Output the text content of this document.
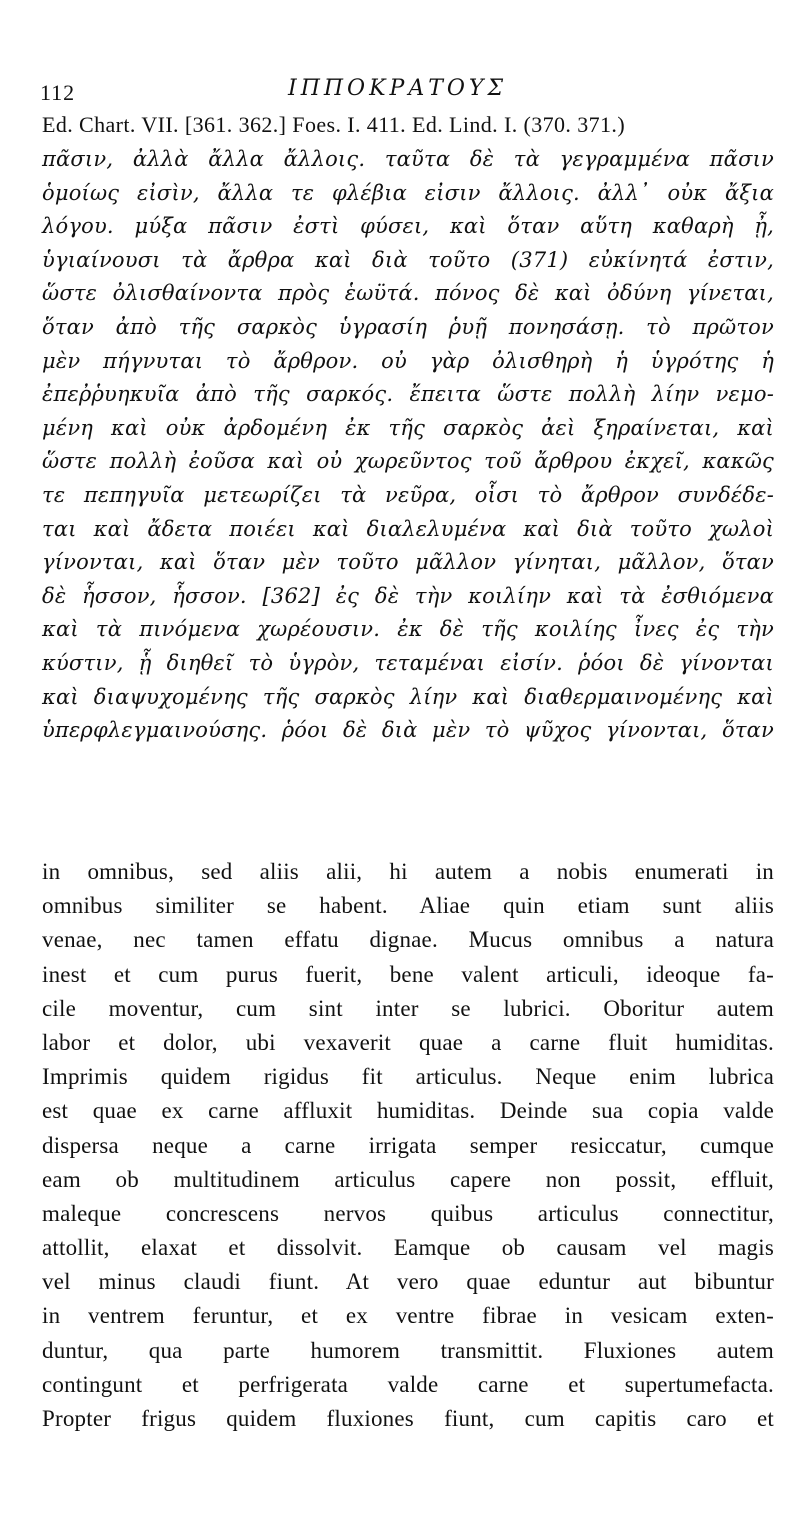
112	ΙΠΠΟΚΡΑΤΟΥΣ
Ed. Chart. VII. [361. 362.] Foes. I. 411. Ed. Lind. I. (370. 371.)
πᾶσιν, ἀλλὰ ἄλλα ἄλλοις. ταῦτα δὲ τὰ γεγραμμένα πᾶσιν
ὁμοίως εἰσὶν, ἄλλα τε φλέβια εἰσιν ἄλλοις. ἀλλ᾽ οὐκ ἄξια
λόγου. μύξα πᾶσιν ἐστὶ φύσει, καὶ ὅταν αὕτη καθαρὴ ᾖ,
ὑγιαίνουσι τὰ ἄρθρα καὶ διὰ τοῦτο (371) εὐκίνητά ἐστιν,
ὥστε ὀλισθαίνοντα πρὸς ἑωϋτά. πόνος δὲ καὶ ὀδύνη γίνεται,
ὅταν ἀπὸ τῆς σαρκὸς ὑγρασίη ῥυῇ πονησάσῃ. τὸ πρῶτον
μὲν πήγνυται τὸ ἄρθρον. οὐ γὰρ ὀλισθηρὴ ἡ ὑγρότης ἡ
ἐπεῤῥυηκυῖα ἀπὸ τῆς σαρκός. ἔπειτα ὥστε πολλὴ λίην νεμο-
μένη καὶ οὐκ ἀρδομένη ἐκ τῆς σαρκὸς ἀεὶ ξηραίνεται, καὶ
ὥστε πολλὴ ἐοῦσα καὶ οὐ χωρεῦντος τοῦ ἄρθρου ἐκχεῖ, κακῶς
τε πεπηγυῖα μετεωρίζει τὰ νεῦρα, οἷσι τὸ ἄρθρον συνδέδε-
ται καὶ ἄδετα ποιέει καὶ διαλελυμένα καὶ διὰ τοῦτο χωλοὶ
γίνονται, καὶ ὅταν μὲν τοῦτο μᾶλλον γίνηται, μᾶλλον, ὅταν
δὲ ἧσσον, ἧσσον. [362] ἐς δὲ τὴν κοιλίην καὶ τὰ ἐσθιόμενα
καὶ τὰ πινόμενα χωρέουσιν. ἐκ δὲ τῆς κοιλίης ἶνες ἐς τὴν
κύστιν, ᾗ διηθεῖ τὸ ὑγρὸν, τεταμέναι εἰσίν. ῥόοι δὲ γίνονται
καὶ διαψυχομένης τῆς σαρκὸς λίην καὶ διαθερμαινομένης καὶ
ὑπερφλεγμαινούσης. ῥόοι δὲ διὰ μὲν τὸ ψῦχος γίνονται, ὅταν
in omnibus, sed aliis alii, hi autem a nobis enumerati in
omnibus similiter se habent. Aliae quin etiam sunt aliis
venae, nec tamen effatu dignae. Mucus omnibus a natura
inest et cum purus fuerit, bene valent articuli, ideoque fa-
cile moventur, cum sint inter se lubrici. Oboritur autem
labor et dolor, ubi vexaverit quae a carne fluit humiditas.
Imprimis quidem rigidus fit articulus. Neque enim lubrica
est quae ex carne affluxit humiditas. Deinde sua copia valde
dispersa neque a carne irrigata semper resiccatur, cumque
eam ob multitudinem articulus capere non possit, effluit,
maleque concrescens nervos quibus articulus connectitur,
attollit, elaxat et dissolvit. Eamque ob causam vel magis
vel minus claudi fiunt. At vero quae eduntur aut bibuntur
in ventrem feruntur, et ex ventre fibrae in vesicam exten-
duntur, qua parte humorem transmittit. Fluxiones autem
contingunt et perfrigerata valde carne et supertumefacta.
Propter frigus quidem fluxiones fiunt, cum capitis caro et
